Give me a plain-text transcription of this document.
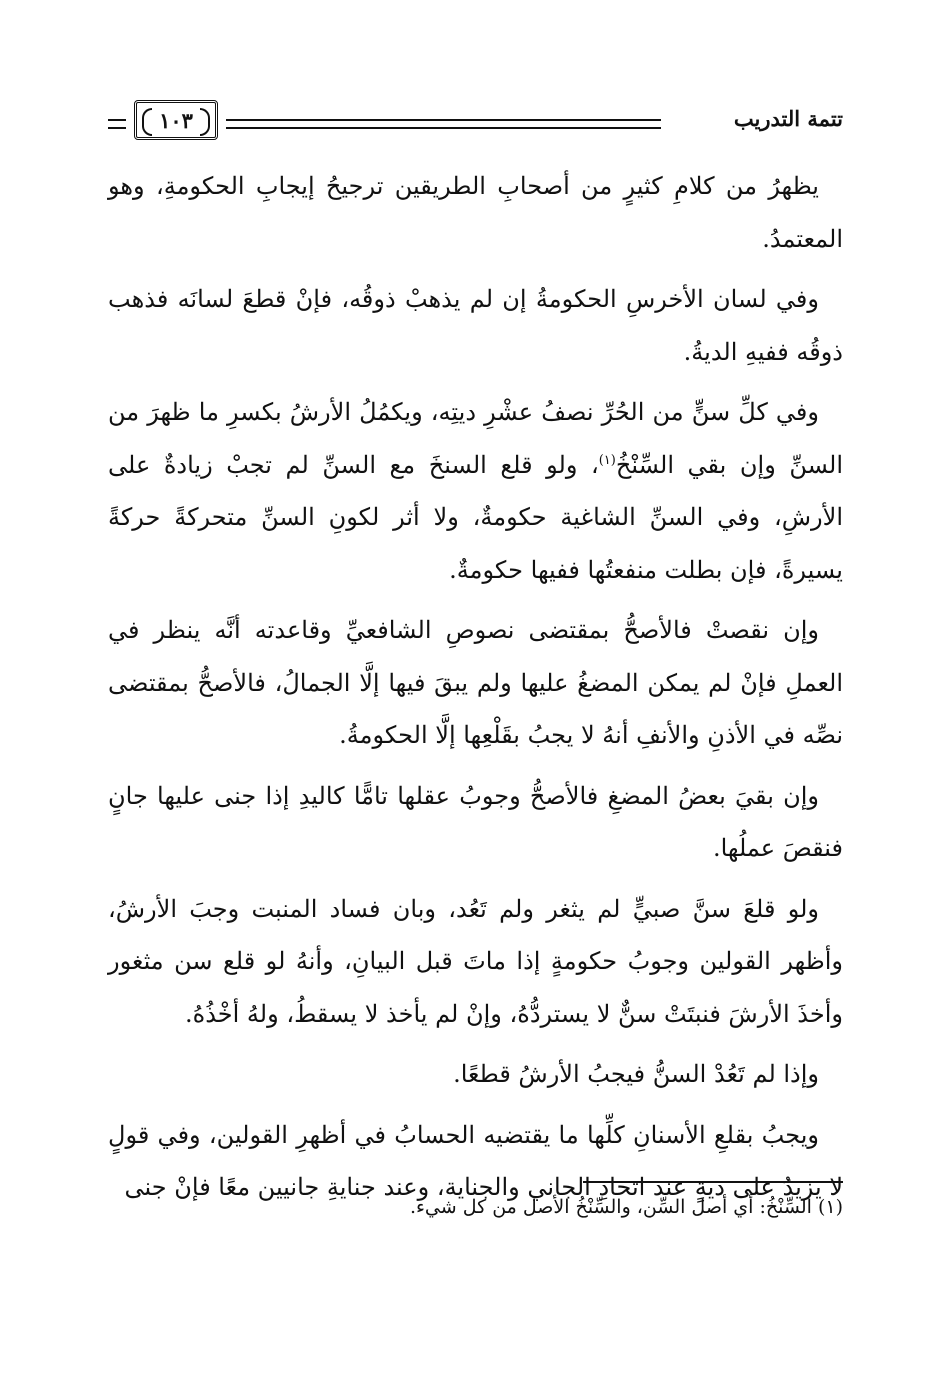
تتمة التدريب
١٠٣

يظهرُ من كلامِ كثيرٍ من أصحابِ الطريقين ترجيحُ إيجابِ الحكومةِ، وهو المعتمدُ.

وفي لسان الأخرسِ الحكومةُ إن لم يذهبْ ذوقُه، فإنْ قطعَ لسانَه فذهب ذوقُه ففيهِ الديةُ.

وفي كلِّ سنٍّ من الحُرِّ نصفُ عشْرِ ديتِه، ويكمُلُ الأرشُ بكسرِ ما ظهرَ من السنِّ وإن بقي السِّنْخُ$^{(١)}$، ولو قلع السنخَ مع السنِّ لم تجبْ زيادةٌ على الأرشِ، وفي السنِّ الشاغية حكومةٌ، ولا أثر لكونِ السنِّ متحركةً حركةً يسيرةً، فإن بطلت منفعتُها ففيها حكومةٌ.

وإن نقصتْ فالأصحُّ بمقتضى نصوصِ الشافعيِّ وقاعدته أنَّه ينظر في العملِ فإنْ لم يمكن المضغُ عليها ولم يبقَ فيها إلَّا الجمالُ، فالأصحُّ بمقتضى نصِّه في الأذنِ والأنفِ أنهُ لا يجبُ بقَلْعِها إلَّا الحكومةُ.

وإن بقيَ بعضُ المضغِ فالأصحُّ وجوبُ عقلها تامًّا كاليدِ إذا جنى عليها جانٍ فنقصَ عملُها.

ولو قلعَ سنَّ صبيٍّ لم يثغر ولم تَعُد، وبان فساد المنبت وجبَ الأرشُ، وأظهر القولين وجوبُ حكومةٍ إذا ماتَ قبل البيانِ، وأنهُ لو قلع سن مثغور وأخذَ الأرشَ فنبتَتْ سنٌّ لا يستردُّهُ، وإنْ لم يأخذ لا يسقطُ، ولهُ أخْذُهُ.

وإذا لم تَعُدْ السنُّ فيجبُ الأرشُ قطعًا.

ويجبُ بقلعِ الأسنانِ كلِّها ما يقتضيه الحسابُ في أظهرِ القولين، وفي قولٍ لا يزيدُ على ديةٍ عند اتحادِ الجاني والجناية، وعند جنايةِ جانيين معًا فإنْ جنى

(١) السِّنْخُ: أي أصل السِّن، والسِّنْخُ الأصل من كل شيء.
